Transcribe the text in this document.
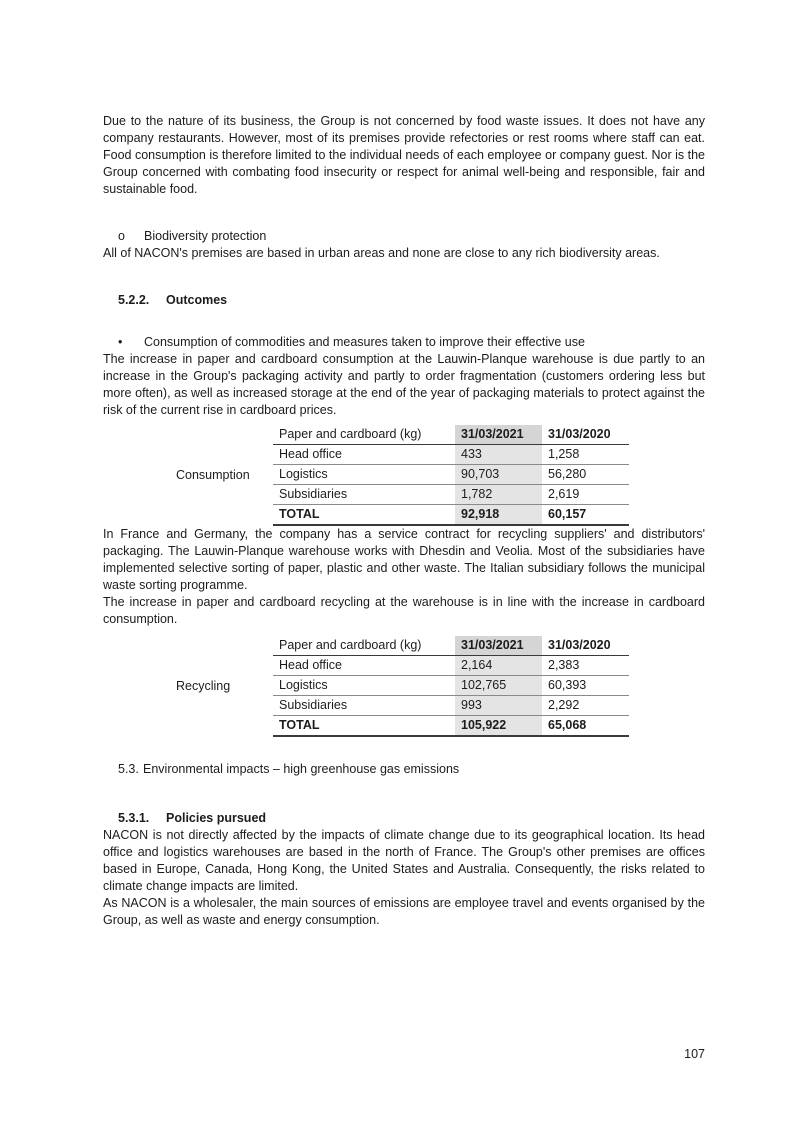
Due to the nature of its business, the Group is not concerned by food waste issues. It does not have any company restaurants. However, most of its premises provide refectories or rest rooms where staff can eat. Food consumption is therefore limited to the individual needs of each employee or company guest. Nor is the Group concerned with combating food insecurity or respect for animal well-being and responsible, fair and sustainable food.

o	Biodiversity protection

All of NACON's premises are based in urban areas and none are close to any rich biodiversity areas.

5.2.2. Outcomes
•	Consumption of commodities and measures taken to improve their effective use

The increase in paper and cardboard consumption at the Lauwin-Planque warehouse is due partly to an increase in the Group's packaging activity and partly to order fragmentation (customers ordering less but more often), as well as increased storage at the end of the year of packaging materials to protect against the risk of the current rise in cardboard prices.

Consumption
Paper and cardboard (kg)	31/03/2021	31/03/2020
Head office	433	1,258
Logistics	90,703	56,280
Subsidiaries	1,782	2,619
TOTAL	92,918	60,157

In France and Germany, the company has a service contract for recycling suppliers' and distributors' packaging. The Lauwin-Planque warehouse works with Dhesdin and Veolia. Most of the subsidiaries have implemented selective sorting of paper, plastic and other waste. The Italian subsidiary follows the municipal waste sorting programme.

The increase in paper and cardboard recycling at the warehouse is in line with the increase in cardboard consumption.

Recycling
Paper and cardboard (kg)	31/03/2021	31/03/2020
Head office	2,164	2,383
Logistics	102,765	60,393
Subsidiaries	993	2,292
TOTAL	105,922	65,068
5.3. Environmental impacts – high greenhouse gas emissions
5.3.1. Policies pursued

NACON is not directly affected by the impacts of climate change due to its geographical location. Its head office and logistics warehouses are based in the north of France. The Group's other premises are offices based in Europe, Canada, Hong Kong, the United States and Australia. Consequently, the risks related to climate change impacts are limited.

As NACON is a wholesaler, the main sources of emissions are employee travel and events organised by the Group, as well as waste and energy consumption.

107
